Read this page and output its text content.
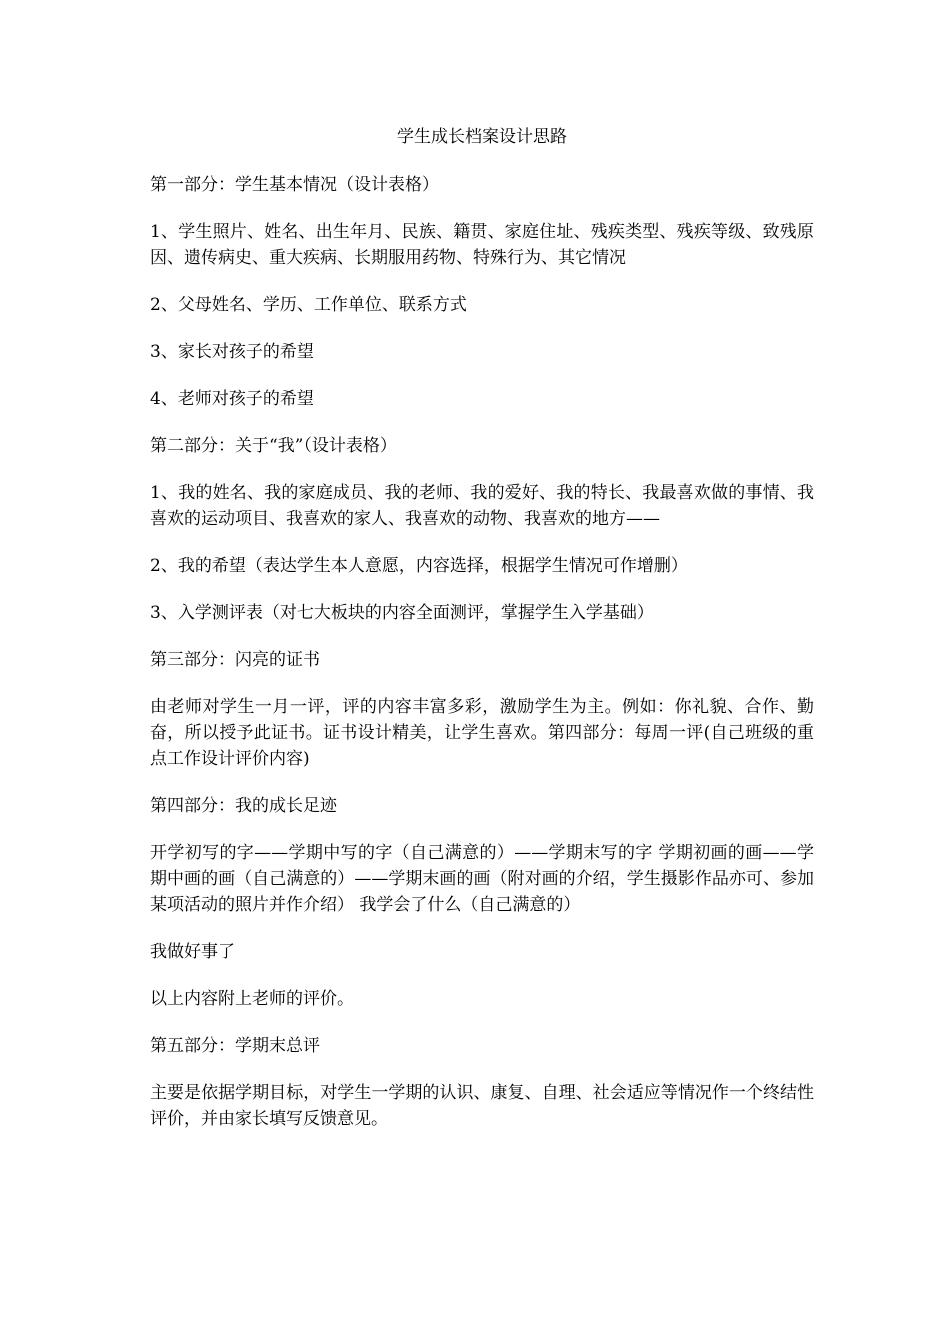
学生成长档案设计思路

第一部分：学生基本情况（设计表格）

1、学生照片、姓名、出生年月、民族、籍贯、家庭住址、残疾类型、残疾等级、致残原因、遗传病史、重大疾病、长期服用药物、特殊行为、其它情况

2、父母姓名、学历、工作单位、联系方式

3、家长对孩子的希望

4、老师对孩子的希望

第二部分：关于“我”（设计表格）

1、我的姓名、我的家庭成员、我的老师、我的爱好、我的特长、我最喜欢做的事情、我喜欢的运动项目、我喜欢的家人、我喜欢的动物、我喜欢的地方——

2、我的希望（表达学生本人意愿，内容选择，根据学生情况可作增删）

3、入学测评表（对七大板块的内容全面测评，掌握学生入学基础）

第三部分：闪亮的证书

由老师对学生一月一评，评的内容丰富多彩，激励学生为主。例如：你礼貌、合作、勤奋，所以授予此证书。证书设计精美，让学生喜欢。第四部分：每周一评(自己班级的重点工作设计评价内容)

第四部分：我的成长足迹

开学初写的字——学期中写的字（自己满意的）——学期末写的字 学期初画的画——学期中画的画（自己满意的）——学期末画的画（附对画的介绍，学生摄影作品亦可、参加某项活动的照片并作介绍） 我学会了什么（自己满意的）

我做好事了

以上内容附上老师的评价。

第五部分：学期末总评

主要是依据学期目标，对学生一学期的认识、康复、自理、社会适应等情况作一个终结性评价，并由家长填写反馈意见。
